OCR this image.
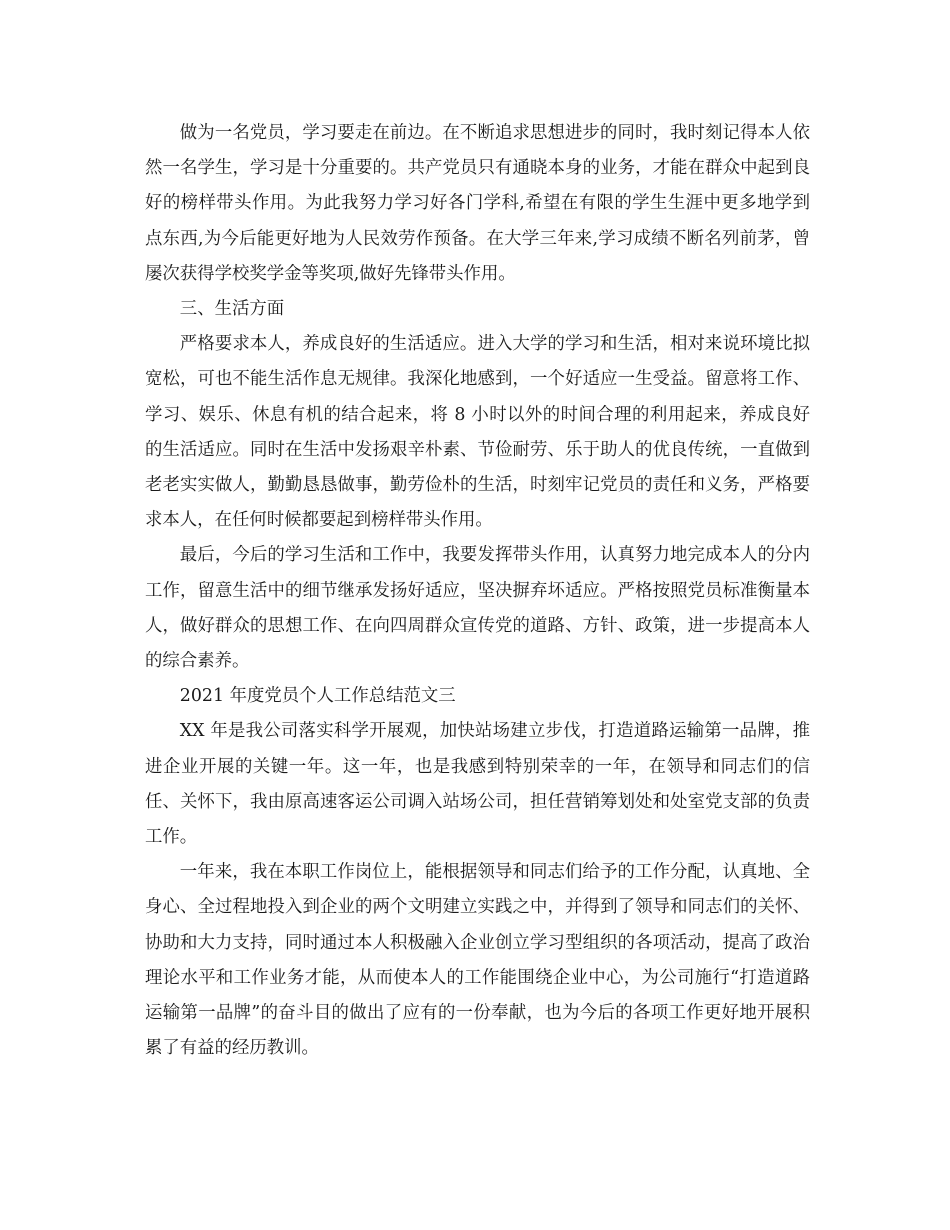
做为一名党员，学习要走在前边。在不断追求思想进步的同时，我时刻记得本人依然一名学生，学习是十分重要的。共产党员只有通晓本身的业务，才能在群众中起到良好的榜样带头作用。为此我努力学习好各门学科,希望在有限的学生生涯中更多地学到点东西,为今后能更好地为人民效劳作预备。在大学三年来,学习成绩不断名列前茅，曾屡次获得学校奖学金等奖项,做好先锋带头作用。

三、生活方面

严格要求本人，养成良好的生活适应。进入大学的学习和生活，相对来说环境比拟宽松，可也不能生活作息无规律。我深化地感到，一个好适应一生受益。留意将工作、学习、娱乐、休息有机的结合起来，将 8 小时以外的时间合理的利用起来，养成良好的生活适应。同时在生活中发扬艰辛朴素、节俭耐劳、乐于助人的优良传统，一直做到老老实实做人，勤勤恳恳做事，勤劳俭朴的生活，时刻牢记党员的责任和义务，严格要求本人，在任何时候都要起到榜样带头作用。

最后，今后的学习生活和工作中，我要发挥带头作用，认真努力地完成本人的分内工作，留意生活中的细节继承发扬好适应，坚决摒弃坏适应。严格按照党员标准衡量本人，做好群众的思想工作、在向四周群众宣传党的道路、方针、政策，进一步提高本人的综合素养。

2021 年度党员个人工作总结范文三

XX 年是我公司落实科学开展观，加快站场建立步伐，打造道路运输第一品牌，推进企业开展的关键一年。这一年，也是我感到特别荣幸的一年，在领导和同志们的信任、关怀下，我由原高速客运公司调入站场公司，担任营销筹划处和处室党支部的负责工作。

一年来，我在本职工作岗位上，能根据领导和同志们给予的工作分配，认真地、全身心、全过程地投入到企业的两个文明建立实践之中，并得到了领导和同志们的关怀、协助和大力支持，同时通过本人积极融入企业创立学习型组织的各项活动，提高了政治理论水平和工作业务才能，从而使本人的工作能围绕企业中心，为公司施行“打造道路运输第一品牌”的奋斗目的做出了应有的一份奉献，也为今后的各项工作更好地开展积累了有益的经历教训。
